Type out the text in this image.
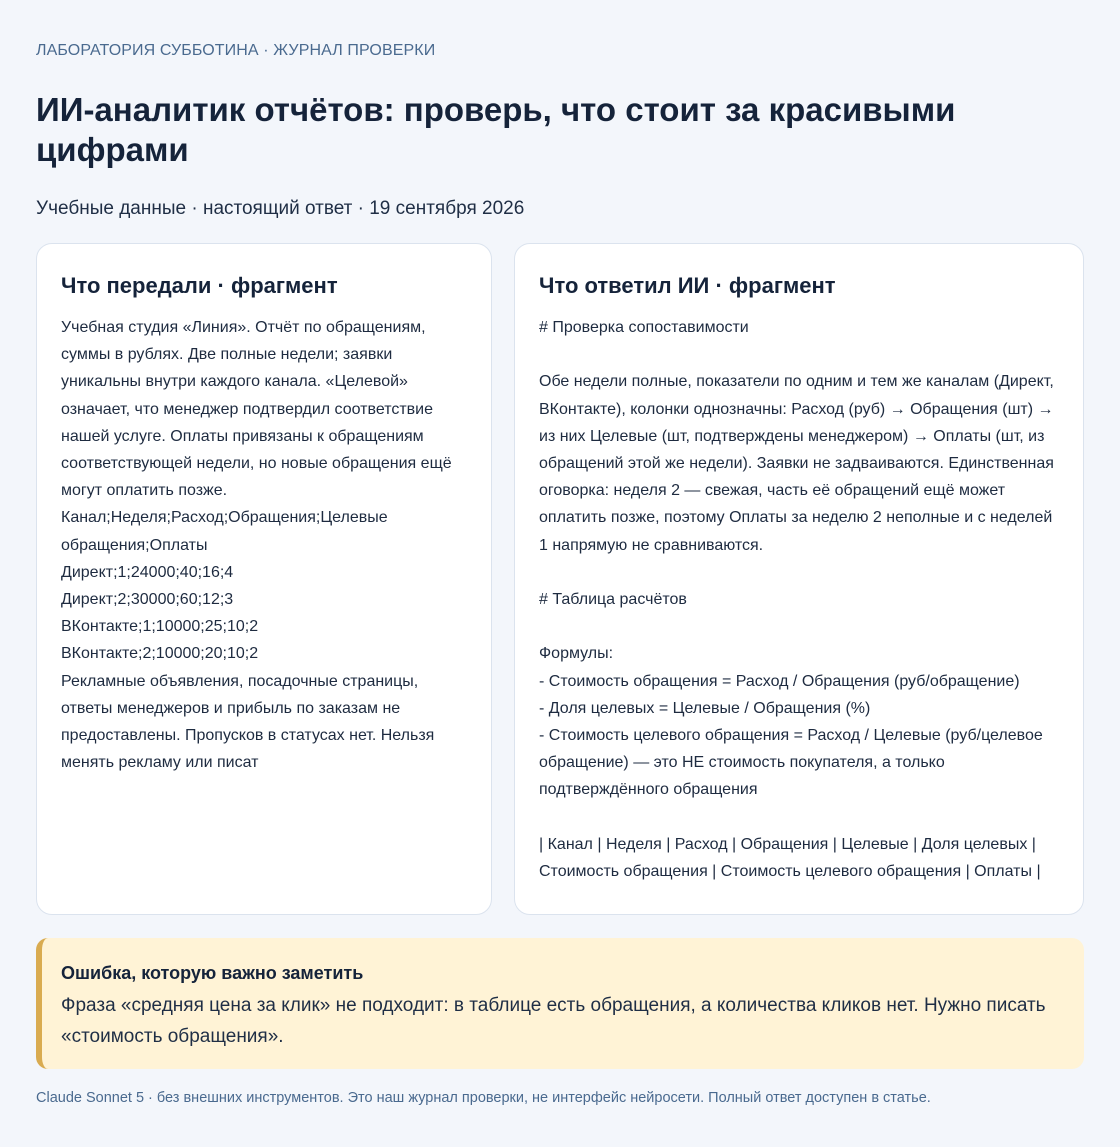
ЛАБОРАТОРИЯ СУББОТИНА · ЖУРНАЛ ПРОВЕРКИ
ИИ-аналитик отчётов: проверь, что стоит за красивыми цифрами
Учебные данные · настоящий ответ · 19 сентября 2026
Что передали · фрагмент

Учебная студия «Линия». Отчёт по обращениям, суммы в рублях. Две полные недели; заявки уникальны внутри каждого канала. «Целевой» означает, что менеджер подтвердил соответствие нашей услуге. Оплаты привязаны к обращениям соответствующей недели, но новые обращения ещё могут оплатить позже.
Канал;Неделя;Расход;Обращения;Целевые обращения;Оплаты
Директ;1;24000;40;16;4
Директ;2;30000;60;12;3
ВКонтакте;1;10000;25;10;2
ВКонтакте;2;10000;20;10;2
Рекламные объявления, посадочные страницы, ответы менеджеров и прибыль по заказам не предоставлены. Пропусков в статусах нет. Нельзя менять рекламу или писат

Что ответил ИИ · фрагмент

# Проверка сопоставимости

Обе недели полные, показатели по одним и тем же каналам (Директ, ВКонтакте), колонки однозначны: Расход (руб) → Обращения (шт) → из них Целевые (шт, подтверждены менеджером) → Оплаты (шт, из обращений этой же недели). Заявки не задваиваются. Единственная оговорка: неделя 2 — свежая, часть её обращений ещё может оплатить позже, поэтому Оплаты за неделю 2 неполные и с неделей 1 напрямую не сравниваются.

# Таблица расчётов

Формулы:
- Стоимость обращения = Расход / Обращения (руб/обращение)
- Доля целевых = Целевые / Обращения (%)
- Стоимость целевого обращения = Расход / Целевые (руб/целевое обращение) — это НЕ стоимость покупателя, а только подтверждённого обращения

| Канал | Неделя | Расход | Обращения | Целевые | Доля целевых | Стоимость обращения | Стоимость целевого обращения | Оплаты |

Ошибка, которую важно заметить
Фраза «средняя цена за клик» не подходит: в таблице есть обращения, а количества кликов нет. Нужно писать «стоимость обращения».
Claude Sonnet 5 · без внешних инструментов. Это наш журнал проверки, не интерфейс нейросети. Полный ответ доступен в статье.
